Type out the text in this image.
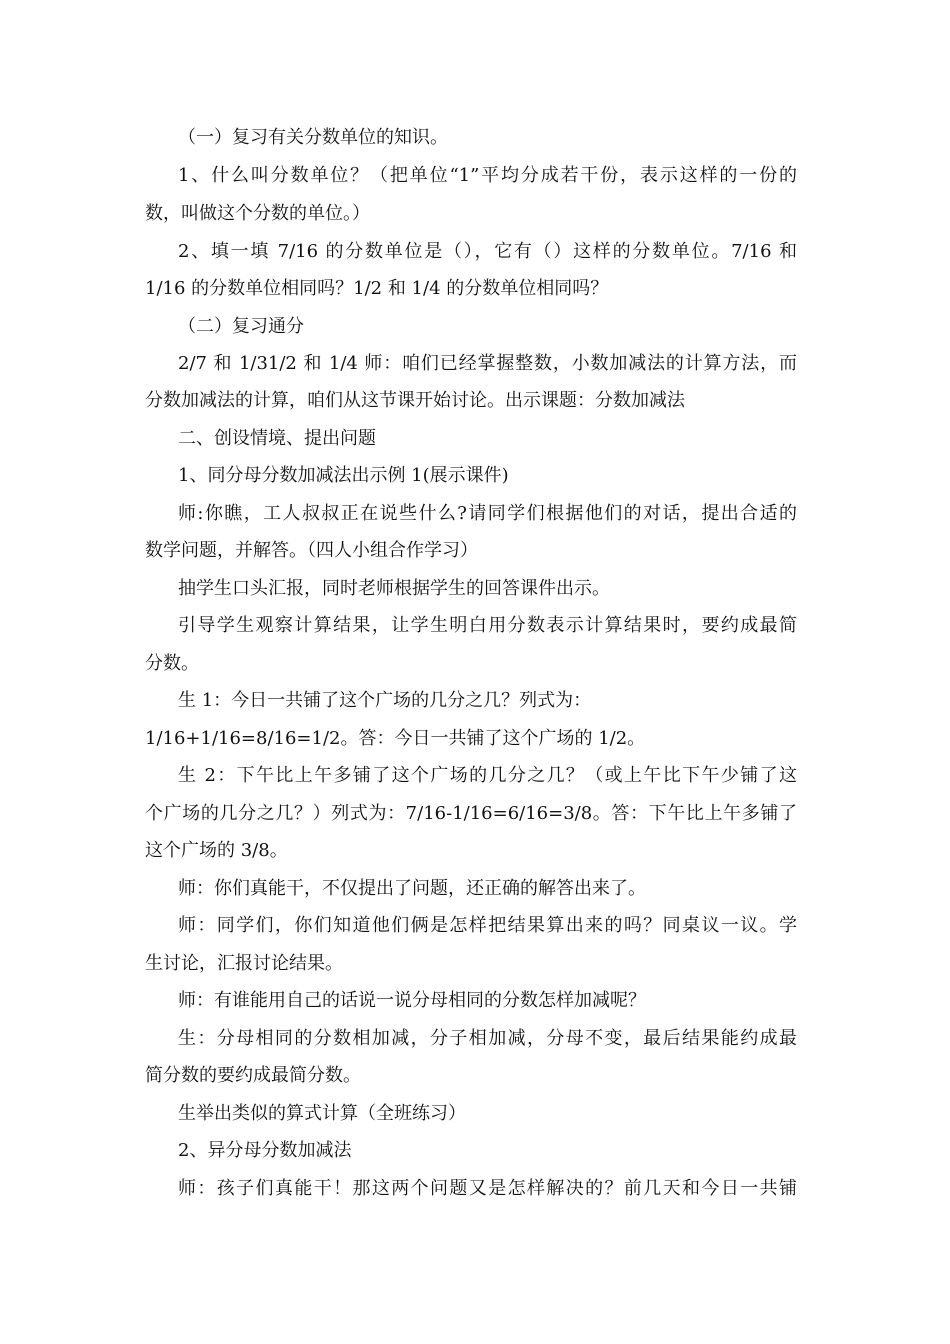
（一）复习有关分数单位的知识。

1、什么叫分数单位？（把单位“1”平均分成若干份，表示这样的一份的

数，叫做这个分数的单位。）

2、填一填 7/16 的分数单位是（），它有（）这样的分数单位。7/16 和

1/16 的分数单位相同吗？1/2 和 1/4 的分数单位相同吗？

（二）复习通分

2/7 和 1/31/2 和 1/4 师：咱们已经掌握整数，小数加减法的计算方法，而

分数加减法的计算，咱们从这节课开始讨论。出示课题：分数加减法

二、创设情境、提出问题

1、同分母分数加减法出示例 1(展示课件)

师:你瞧，工人叔叔正在说些什么?请同学们根据他们的对话，提出合适的

数学问题，并解答。（四人小组合作学习）

抽学生口头汇报，同时老师根据学生的回答课件出示。

引导学生观察计算结果，让学生明白用分数表示计算结果时，要约成最简

分数。

生 1：今日一共铺了这个广场的几分之几？列式为：

1/16+1/16=8/16=1/2。答：今日一共铺了这个广场的 1/2。

生 2：下午比上午多铺了这个广场的几分之几？（或上午比下午少铺了这

个广场的几分之几？）列式为：7/16-1/16=6/16=3/8。答：下午比上午多铺了

这个广场的 3/8。

师：你们真能干，不仅提出了问题，还正确的解答出来了。

师：同学们，你们知道他们俩是怎样把结果算出来的吗？同桌议一议。学

生讨论，汇报讨论结果。

师：有谁能用自己的话说一说分母相同的分数怎样加减呢？

生：分母相同的分数相加减，分子相加减，分母不变，最后结果能约成最

简分数的要约成最简分数。

生举出类似的算式计算（全班练习）

2、异分母分数加减法

师：孩子们真能干！那这两个问题又是怎样解决的？前几天和今日一共铺
